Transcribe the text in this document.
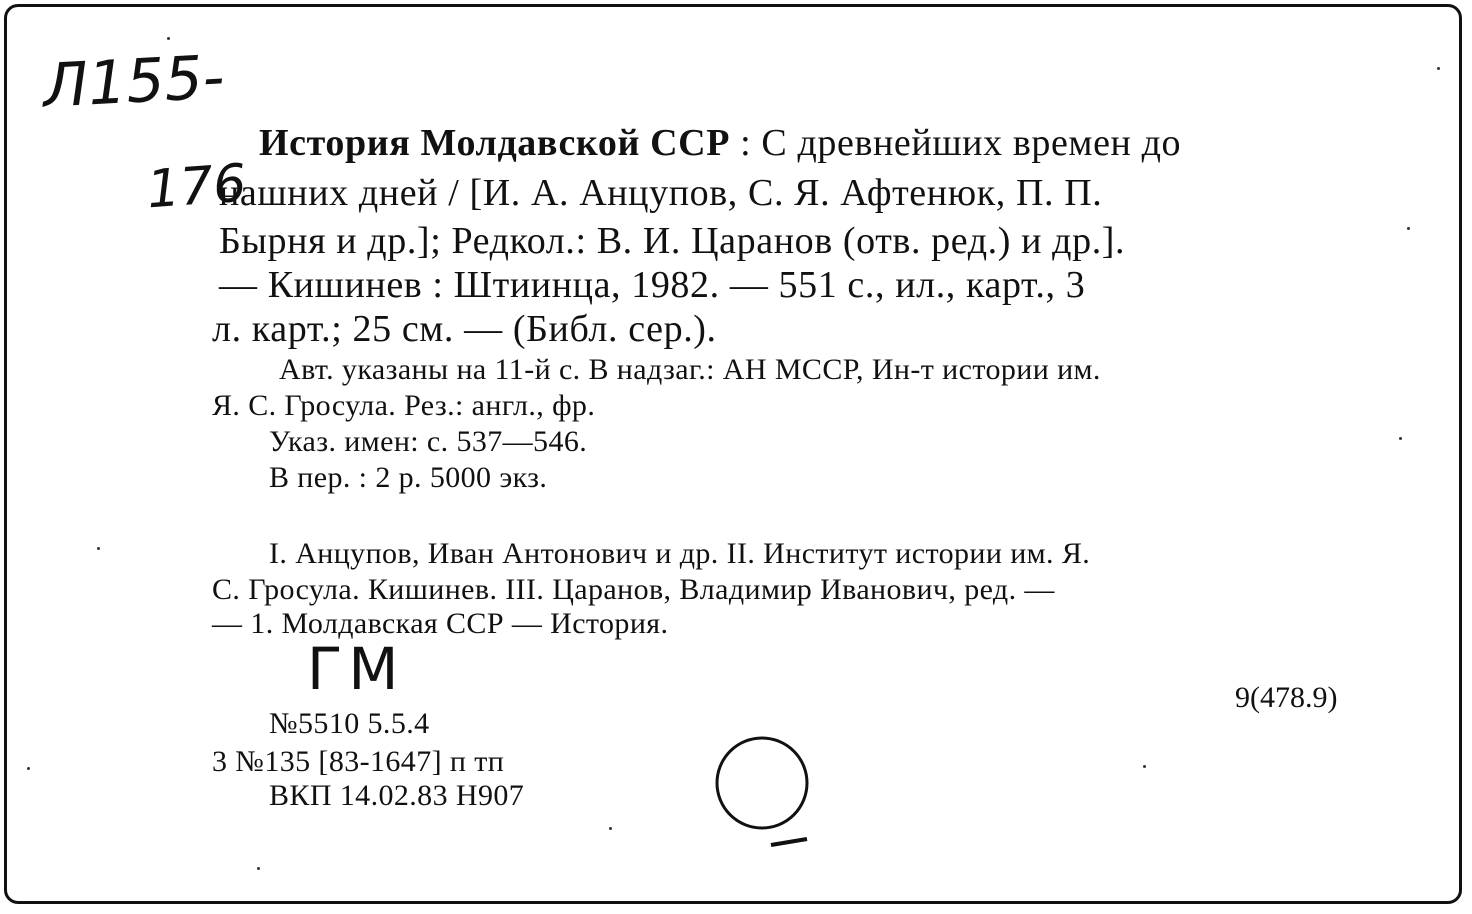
Л155-
176
История Молдавской ССР : С древнейших времен до
нашних дней / [И. А. Анцупов, С. Я. Афтенюк, П. П.
Бырня и др.]; Редкол.: В. И. Царанов (отв. ред.) и др.].
— Кишинев : Штиинца, 1982. — 551 с., ил., карт., 3
л. карт.; 25 см. — (Библ. сер.).
Авт. указаны на 11-й с. В надзаг.: АН МССР, Ин-т истории им.
Я. С. Гросула. Рез.: англ., фр.
Указ. имен: с. 537—546.
В пер. : 2 р. 5000 экз.
I. Анцупов, Иван Антонович и др. II. Институт истории им. Я.
С. Гросула. Кишинев. III. Царанов, Владимир Иванович, ред. —
— 1. Молдавская ССР — История.
ГМ	9(478.9)
№5510 5.5.4
3 №135 [83-1647] п тп
ВКП 14.02.83 Н907
